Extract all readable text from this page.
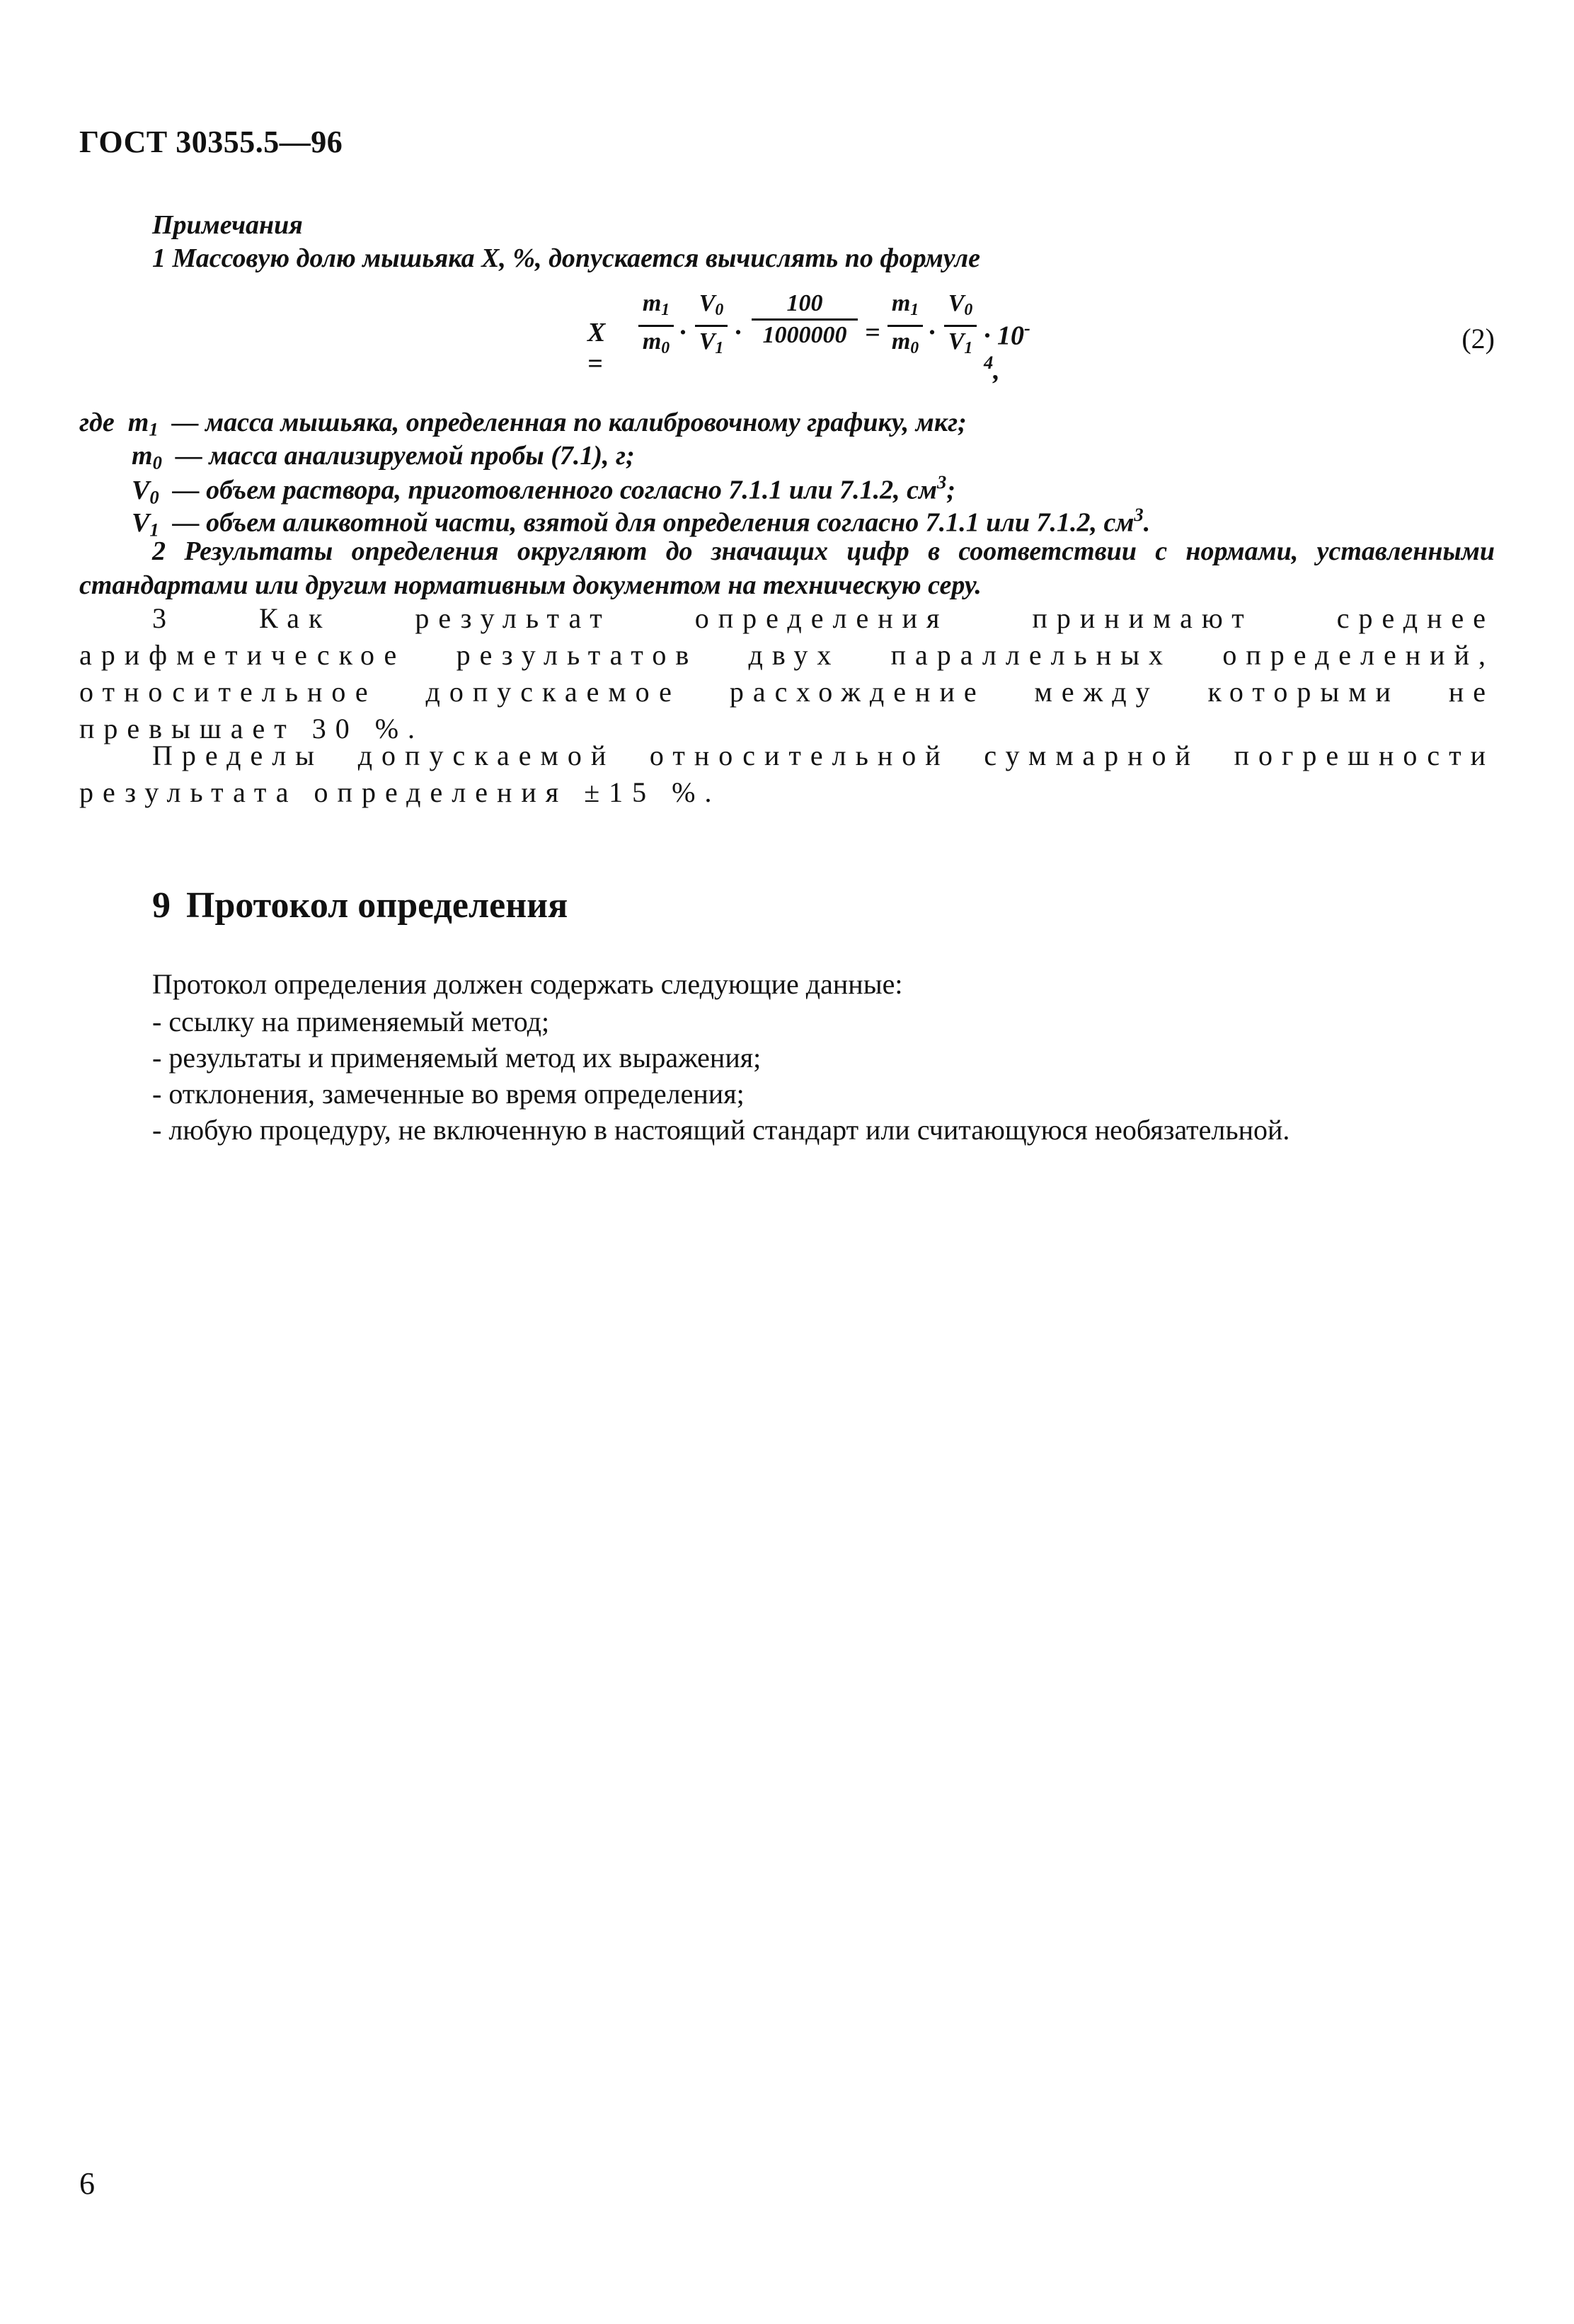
ГОСТ 30355.5—96
Примечания
1 Массовую долю мышьяка X, %, допускается вычислять по формуле
X =
$m_1$
$m_0$
·
$V_0$
$V_1$
·
100
1000000 =
$m_1$
$m_0$
·
$V_0$
$V_1 \cdot 10^{-4}$,
(2)
где $m_1$ — масса мышьяка, определенная по калибровочному графику, мкг;
$m_0$ — масса анализируемой пробы (7.1), г;
$V_0$ — объем раствора, приготовленного согласно 7.1.1 или 7.1.2, $см^3$;
$V_1$ — объем аликвотной части, взятой для определения согласно 7.1.1 или 7.1.2, $см^3$.
2 Результаты определения округляют до значащих цифр в соответствии с нормами, уставленными стандартами или другим нормативным документом на техническую серу.
3 Как результат определения принимают среднее арифметическое результатов двух параллельных определений, относительное допускаемое расхождение между которыми не превышает 30 %.
Пределы допускаемой относительной суммарной погрешности результата определения ±15 %.
9 Протокол определения
Протокол определения должен содержать следующие данные:
- ссылку на применяемый метод;
- результаты и применяемый метод их выражения;
- отклонения, замеченные во время определения;
- любую процедуру, не включенную в настоящий стандарт или считающуюся необязательной.
6
